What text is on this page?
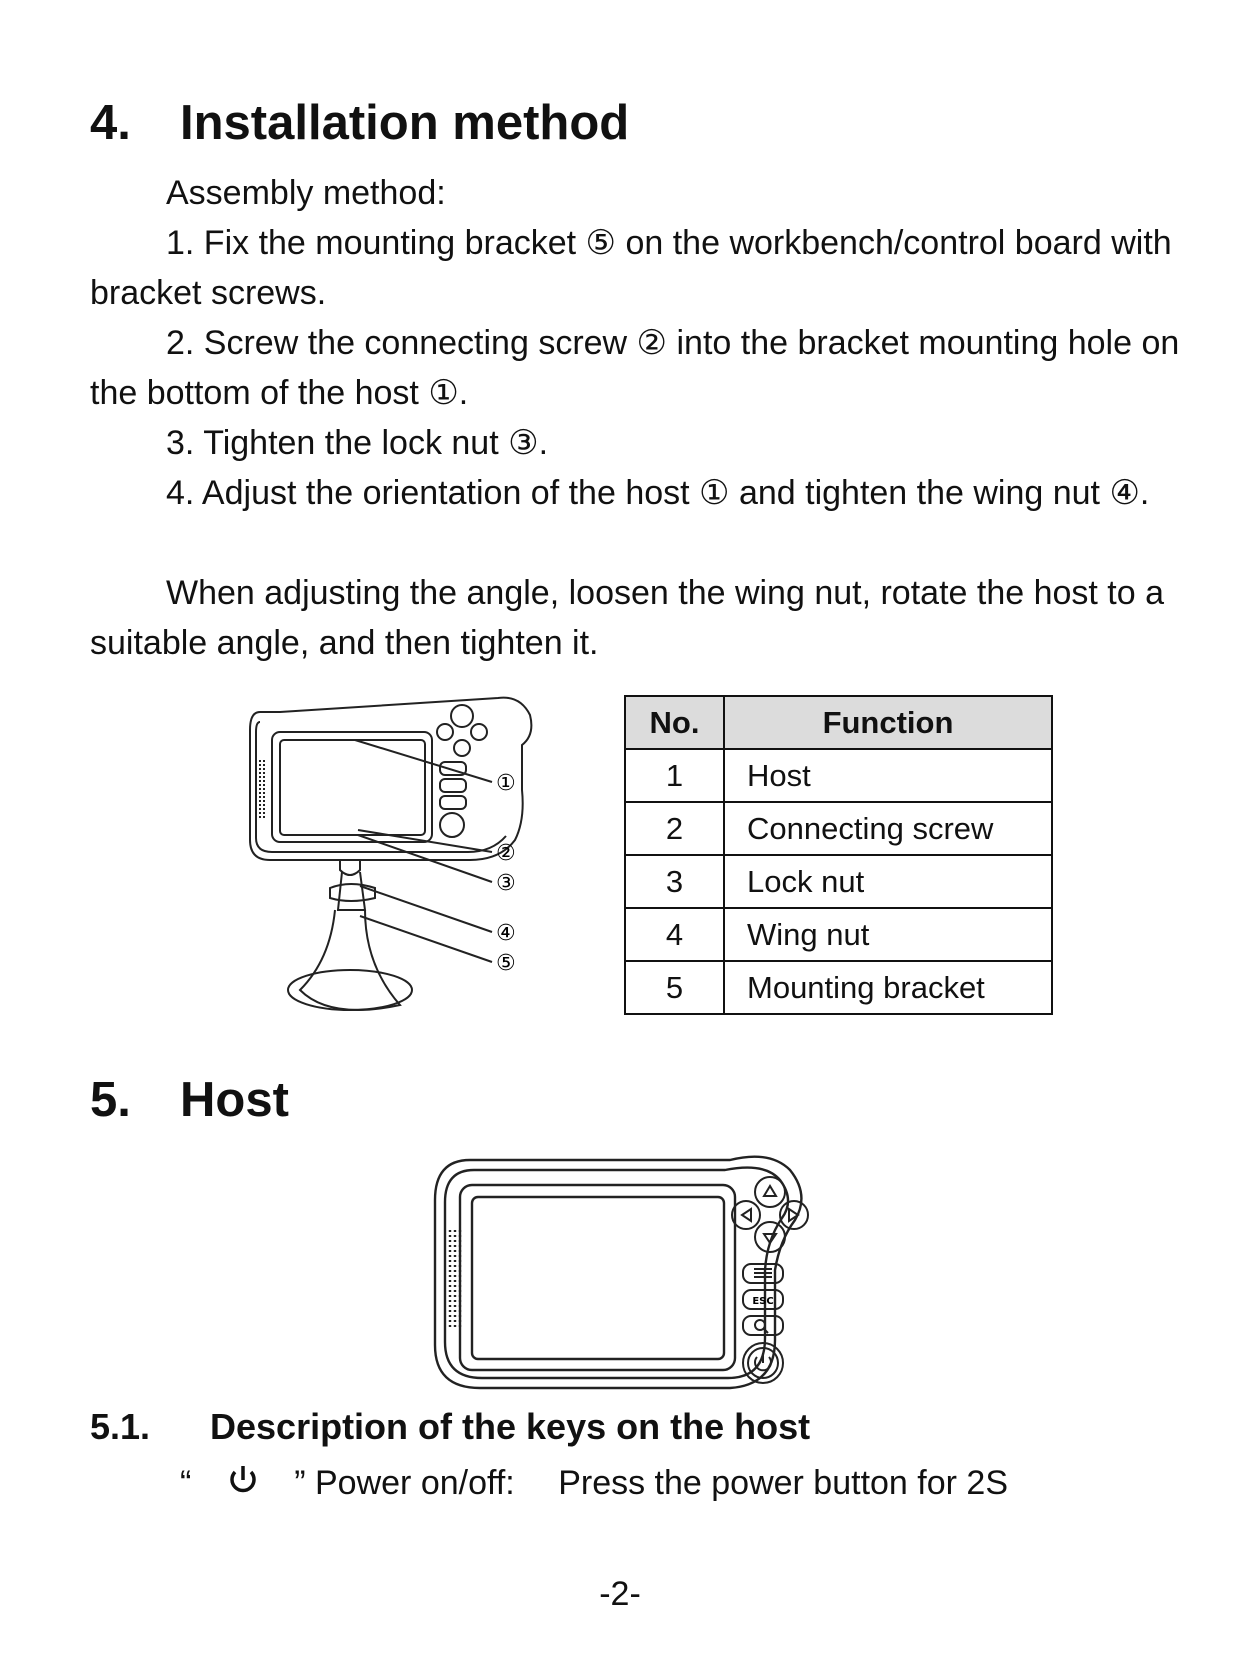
4. Installation method

Assembly method:

1. Fix the mounting bracket ⑤ on the workbench/control board with bracket screws.

2. Screw the connecting screw ② into the bracket mounting hole on the bottom of the host ①.

3. Tighten the lock nut ③.

4. Adjust the orientation of the host ① and tighten the wing nut ④.

When adjusting the angle, loosen the wing nut, rotate the host to a suitable angle, and then tighten it.

①
②
③
④
⑤
No.	Function
1	Host
2	Connecting screw
3	Lock nut
4	Wing nut
5	Mounting bracket
5. Host
ESC
5.1. Description of the keys on the host
“	” Power on/off: Press the power button for 2S
-2-
